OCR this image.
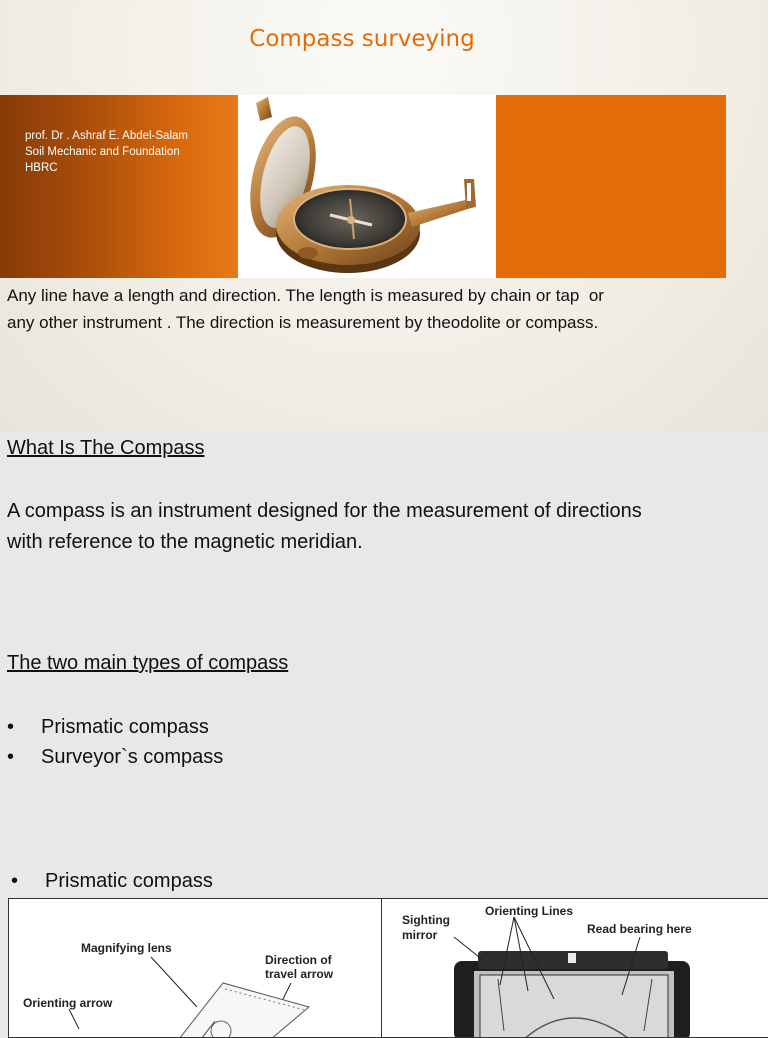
Compass surveying
prof. Dr . Ashraf E. Abdel-Salam
Soil Mechanic and Foundation
HBRC
Any line have a length and direction. The length is measured by chain or tap  or
any other instrument . The direction is measurement by theodolite or compass.
What Is The Compass
A compass is an instrument designed for the measurement of directions
with reference to the magnetic meridian.
The two main types of compass
• Prismatic compass
• Surveyor`s compass
• Prismatic compass
Magnifying lens
Direction of
travel arrow
Orienting arrow
Sighting
mirror
Orienting Lines
Read bearing here
